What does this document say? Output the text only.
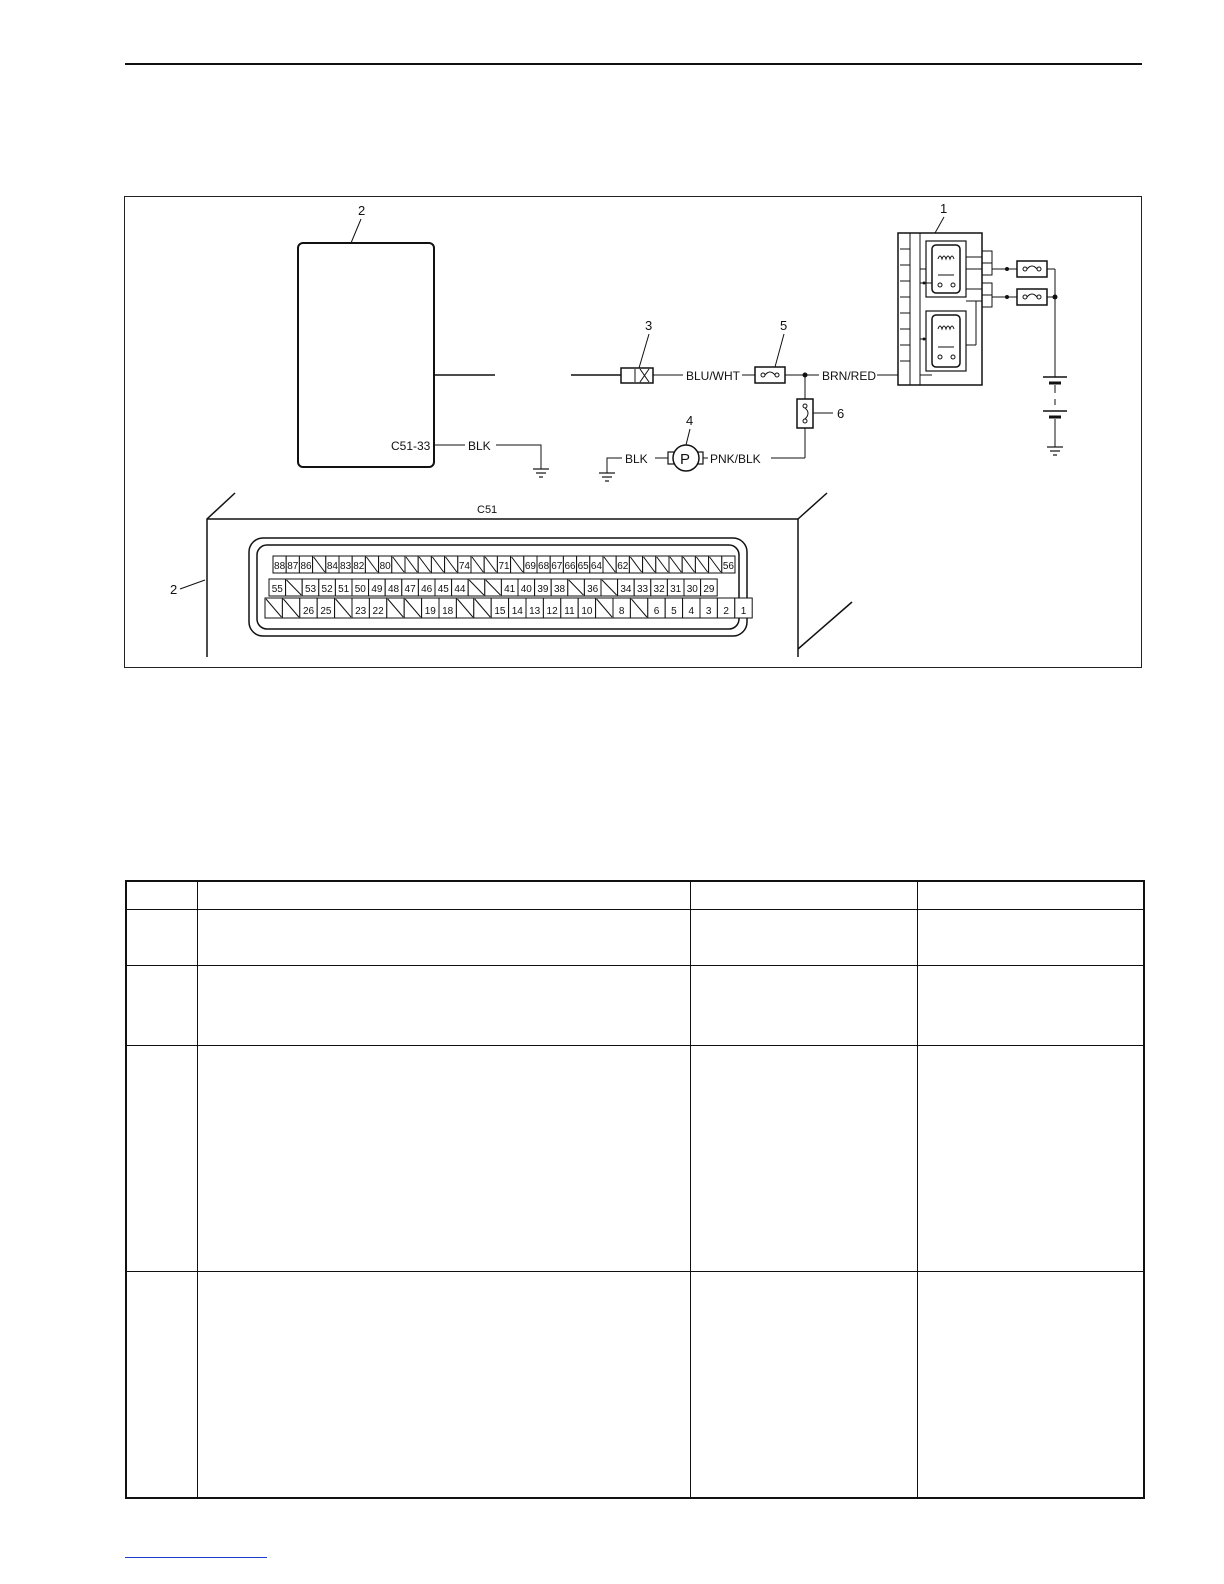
2
C51-33	BLK
3
BLU/WHT
5
BRN/RED
6
PNK/BLK
P
4
BLK
1
C51
2
88 87 86 84 83 82 80	74	71 69 68 67 66 65 64 62	56
55 53 52 51 50 49 48 47 46 45 44	41 40 39 38 36 34 33 32 31 30 29
26 25 23 22	19 18	15 14 13 12 11 10	8	6 5 4 3 2 1
